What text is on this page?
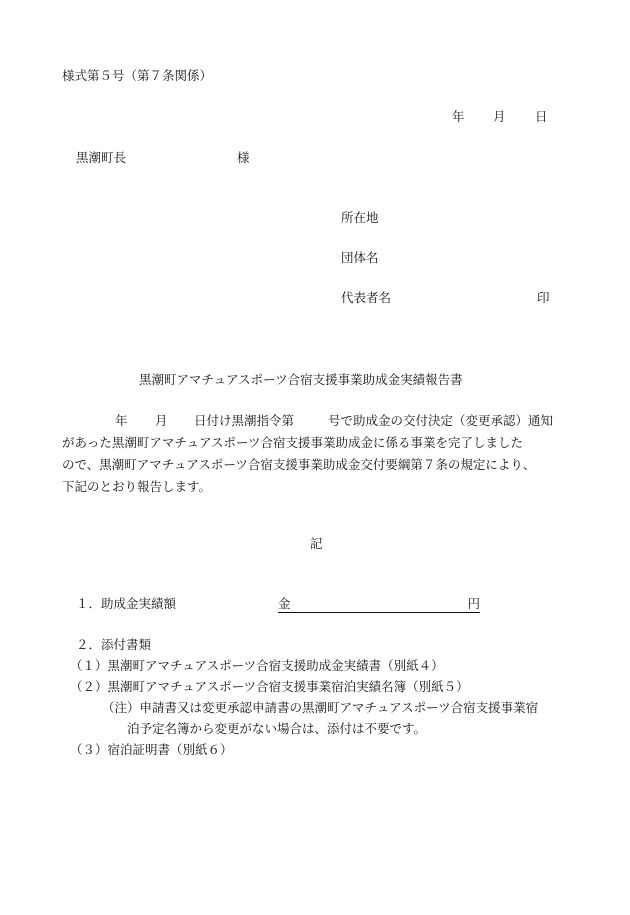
様式第５号（第７条関係）
年 月 日
黒潮町長	様
所在地
団体名
代表者名	印
黒潮町アマチュアスポーツ合宿支援事業助成金実績報告書
年 月 日付け黒潮指令第	号で助成金の交付決定（変更承認）通知
があった黒潮町アマチュアスポーツ合宿支援事業助成金に係る事業を完了しました
ので、黒潮町アマチュアスポーツ合宿支援事業助成金交付要綱第７条の規定により、
下記のとおり報告します。
記
１．助成金実績額	金	円
２．添付書類
（１）黒潮町アマチュアスポーツ合宿支援助成金実績書（別紙４）
（２）黒潮町アマチュアスポーツ合宿支援事業宿泊実績名簿（別紙５）
（注）申請書又は変更承認申請書の黒潮町アマチュアスポーツ合宿支援事業宿
泊予定名簿から変更がない場合は、添付は不要です。
（３）宿泊証明書（別紙６）
